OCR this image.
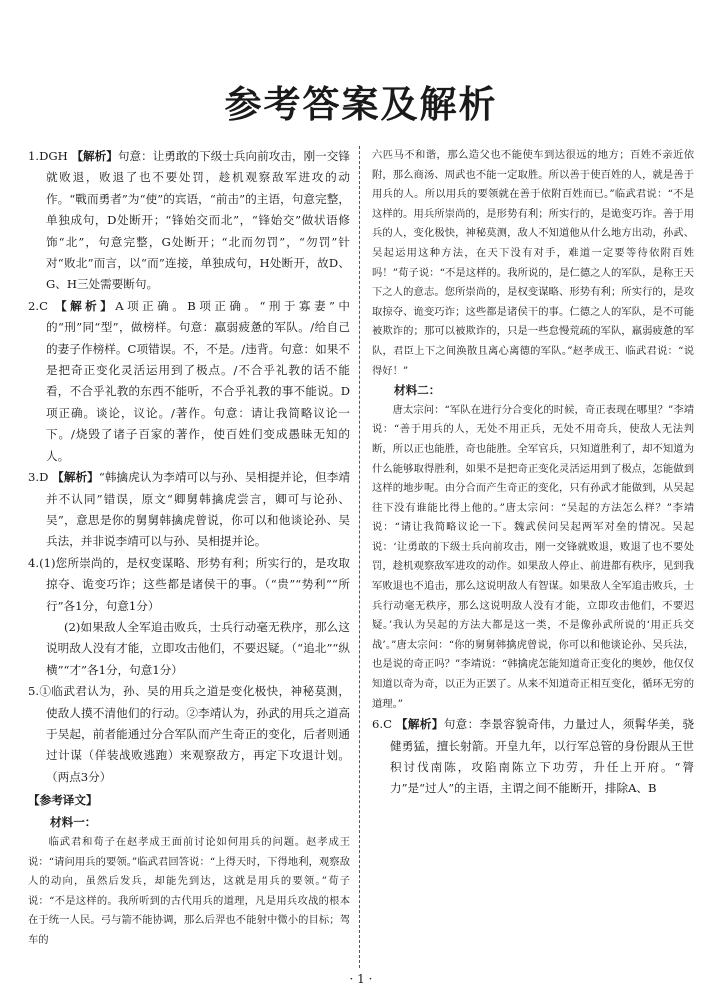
参考答案及解析

1.DGH 【解析】句意：让勇敢的下级士兵向前攻击，刚一交锋就败退，败退了也不要处罚，趁机观察敌军进攻的动作。“戰而勇者”为“使”的宾语，“前击”的主语，句意完整，单独成句，D处断开；“锋始交而北”，“锋始交”做状语修饰“北”，句意完整，G处断开；“北而勿罚”，“勿罚”针对“败北”而言，以“而”连接，单独成句，H处断开，故D、G、H三处需要断句。

2.C 【解析】A项正确。B项正确。“刑于寡妻”中的“刑”同“型”，做榜样。句意：羸弱疲惫的军队。/给自己的妻子作榜样。C项错误。不，不是。/违背。句意：如果不是把奇正变化灵活运用到了极点。/不合乎礼教的话不能看，不合乎礼教的东西不能听，不合乎礼教的事不能说。D项正确。谈论，议论。/著作。句意：请让我简略议论一下。/烧毁了诸子百家的著作，使百姓们变成愚昧无知的人。

3.D 【解析】“韩擒虎认为李靖可以与孙、吴相提并论，但李靖并不认同”错误，原文“卿舅韩擒虎尝言，卿可与论孙、吴”，意思是你的舅舅韩擒虎曾说，你可以和他谈论孙、吴兵法，并非说李靖可以与孙、吴相提并论。

4.(1)您所崇尚的，是权变谋略、形势有利；所实行的，是攻取掠夺、诡变巧诈；这些都是诸侯干的事。（“贵”“势利”“所行”各1分，句意1分）

(2)如果敌人全军追击败兵，士兵行动毫无秩序，那么这说明敌人没有才能，立即攻击他们，不要迟疑。（“追北”“纵横”“才”各1分，句意1分）

5.①临武君认为，孙、吴的用兵之道是变化极快，神秘莫测，使敌人摸不清他们的行动。②李靖认为，孙武的用兵之道高于吴起，前者能通过分合军队而产生奇正的变化，后者则通过计谋（佯装战败逃跑）来观察敌方，再定下攻退计划。（两点3分）

【参考译文】

材料一：

临武君和荀子在赵孝成王面前讨论如何用兵的问题。赵孝成王说：“请问用兵的要领。”临武君回答说：“上得天时，下得地利，观察敌人的动向，虽然后发兵，却能先到达，这就是用兵的要领。”荀子说：“不是这样的。我所听到的古代用兵的道理，凡是用兵攻战的根本在于统一人民。弓与箭不能协调，那么后羿也不能射中微小的目标；驾车的

六匹马不和谐，那么造父也不能使车到达很远的地方；百姓不亲近依附，那么商汤、周武也不能一定取胜。所以善于使百姓的人，就是善于用兵的人。所以用兵的要领就在善于依附百姓而已。”临武君说：“不是这样的。用兵所崇尚的，是形势有利；所实行的，是诡变巧诈。善于用兵的人，变化极快，神秘莫测，敌人不知道他从什么地方出动，孙武、吴起运用这种方法，在天下没有对手，难道一定要等待依附百姓吗！”荀子说：“不是这样的。我所说的，是仁德之人的军队，是称王天下之人的意志。您所崇尚的，是权变谋略、形势有利；所实行的，是攻取掠夺、诡变巧诈；这些都是诸侯干的事。仁德之人的军队，是不可能被欺诈的；那可以被欺诈的，只是一些怠慢荒疏的军队，羸弱疲惫的军队，君臣上下之间涣散且离心离德的军队。”赵孝成王、临武君说：“说得好！”

材料二：

唐太宗问：“军队在进行分合变化的时候，奇正表现在哪里？”李靖说：“善于用兵的人，无处不用正兵，无处不用奇兵，使敌人无法判断，所以正也能胜，奇也能胜。全军官兵，只知道胜利了，却不知道为什么能够取得胜利，如果不是把奇正变化灵活运用到了极点，怎能做到这样的地步呢。由分合而产生奇正的变化，只有孙武才能做到，从吴起往下没有谁能比得上他的。”唐太宗问：“吴起的方法怎么样？”李靖说：“请让我简略议论一下。魏武侯问吴起两军对垒的情况。吴起说：‘让勇敢的下级士兵向前攻击，刚一交锋就败退，败退了也不要处罚，趁机观察敌军进攻的动作。如果敌人停止、前进都有秩序，见到我军败退也不追击，那么这说明敌人有智谋。如果敌人全军追击败兵，士兵行动毫无秩序，那么这说明敌人没有才能，立即攻击他们，不要迟疑。’我认为吴起的方法大都是这一类，不是像孙武所说的‘用正兵交战’。”唐太宗问：“你的舅舅韩擒虎曾说，你可以和他谈论孙、吴兵法，也是说的奇正吗？”李靖说：“韩擒虎怎能知道奇正变化的奥妙，他仅仅知道以奇为奇，以正为正罢了。从来不知道奇正相互变化，循环无穷的道理。”

6.C 【解析】句意：李景容貌奇伟，力量过人，须髯华美，骁健勇猛，擅长射箭。开皇九年，以行军总管的身份跟从王世积讨伐南陈，攻陷南陈立下功劳，升任上开府。“膂力”是“过人”的主语，主谓之间不能断开，排除A、B

· 1 ·
